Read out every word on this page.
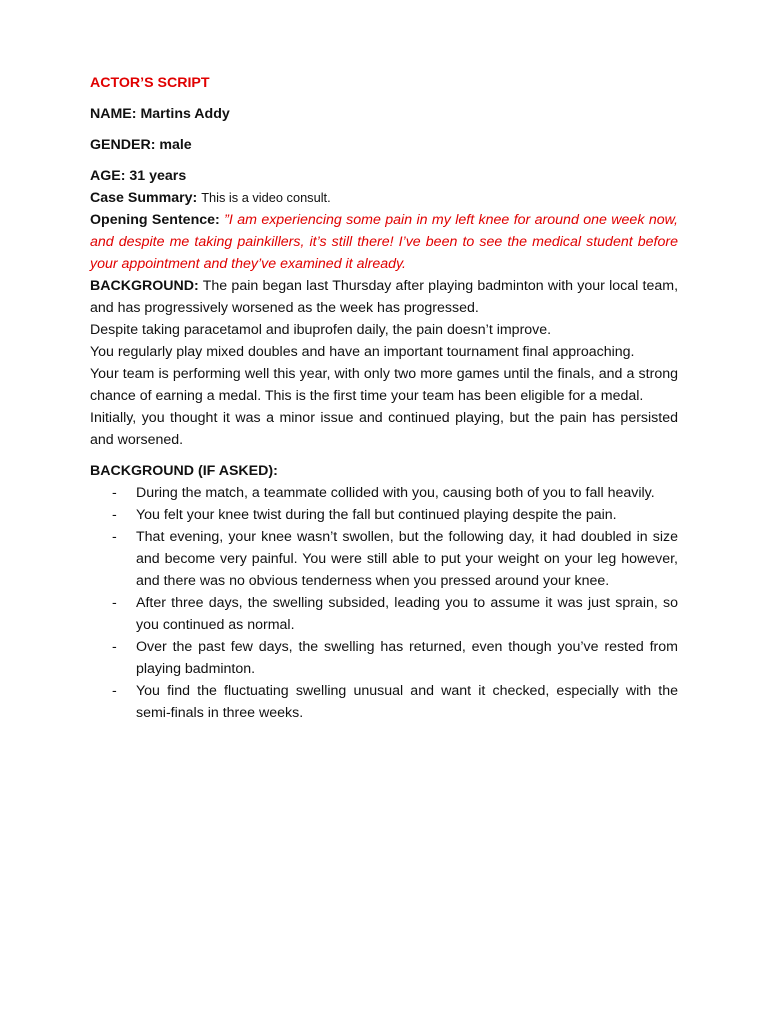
ACTOR’S SCRIPT

NAME: Martins Addy

GENDER: male

AGE: 31 years

Case Summary: This is a video consult.

Opening Sentence: ”I am experiencing some pain in my left knee for around one week now, and despite me taking painkillers, it’s still there! I’ve been to see the medical student before your appointment and they’ve examined it already.

BACKGROUND: The pain began last Thursday after playing badminton with your local team, and has progressively worsened as the week has progressed.

Despite taking paracetamol and ibuprofen daily, the pain doesn’t improve.

You regularly play mixed doubles and have an important tournament final approaching.

Your team is performing well this year, with only two more games until the finals, and a strong chance of earning a medal. This is the first time your team has been eligible for a medal.

Initially, you thought it was a minor issue and continued playing, but the pain has persisted and worsened.

BACKGROUND (IF ASKED):

- During the match, a teammate collided with you, causing both of you to fall heavily.
- You felt your knee twist during the fall but continued playing despite the pain.
- That evening, your knee wasn’t swollen, but the following day, it had doubled in size and become very painful. You were still able to put your weight on your leg however, and there was no obvious tenderness when you pressed around your knee.
- After three days, the swelling subsided, leading you to assume it was just sprain, so you continued as normal.
- Over the past few days, the swelling has returned, even though you’ve rested from playing badminton.
- You find the fluctuating swelling unusual and want it checked, especially with the semi-finals in three weeks.
